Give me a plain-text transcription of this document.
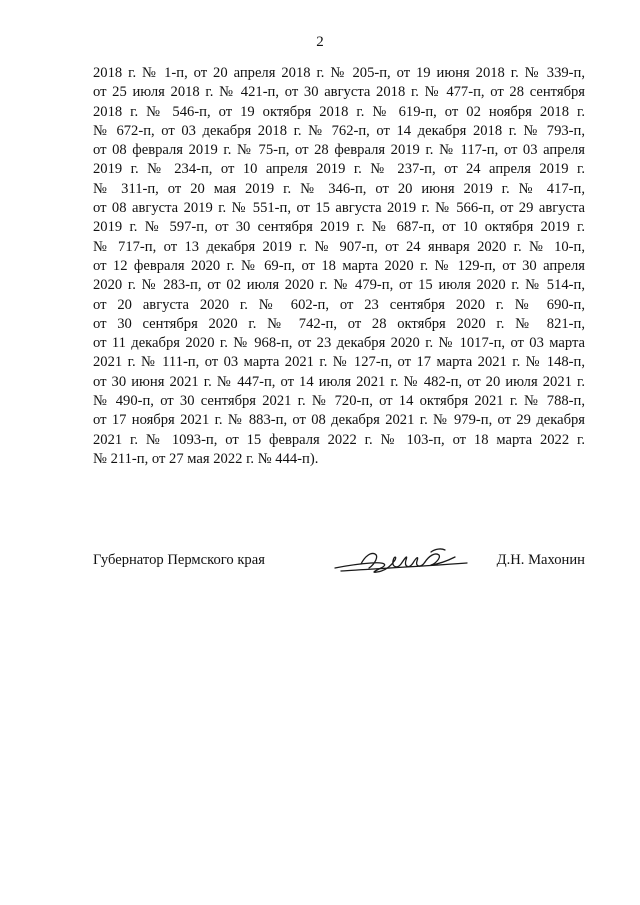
2
2018 г. № 1-п, от 20 апреля 2018 г. № 205-п, от 19 июня 2018 г. № 339-п,
от 25 июля 2018 г. № 421-п, от 30 августа 2018 г. № 477-п, от 28 сентября
2018 г. № 546-п, от 19 октября 2018 г. № 619-п, от 02 ноября 2018 г.
№ 672-п, от 03 декабря 2018 г. № 762-п, от 14 декабря 2018 г. № 793-п,
от 08 февраля 2019 г. № 75-п, от 28 февраля 2019 г. № 117-п, от 03 апреля
2019 г. № 234-п, от 10 апреля 2019 г. № 237-п, от 24 апреля 2019 г.
№ 311-п, от 20 мая 2019 г. № 346-п, от 20 июня 2019 г. № 417-п,
от 08 августа 2019 г. № 551-п, от 15 августа 2019 г. № 566-п, от 29 августа
2019 г. № 597-п, от 30 сентября 2019 г. № 687-п, от 10 октября 2019 г.
№ 717-п, от 13 декабря 2019 г. № 907-п, от 24 января 2020 г. № 10-п,
от 12 февраля 2020 г. № 69-п, от 18 марта 2020 г. № 129-п, от 30 апреля
2020 г. № 283-п, от 02 июля 2020 г. № 479-п, от 15 июля 2020 г. № 514-п,
от 20 августа 2020 г. № 602-п, от 23 сентября 2020 г. № 690-п,
от 30 сентября 2020 г. № 742-п, от 28 октября 2020 г. № 821-п,
от 11 декабря 2020 г. № 968-п, от 23 декабря 2020 г. № 1017-п, от 03 марта
2021 г. № 111-п, от 03 марта 2021 г. № 127-п, от 17 марта 2021 г. № 148-п,
от 30 июня 2021 г. № 447-п, от 14 июля 2021 г. № 482-п, от 20 июля 2021 г.
№ 490-п, от 30 сентября 2021 г. № 720-п, от 14 октября 2021 г. № 788-п,
от 17 ноября 2021 г. № 883-п, от 08 декабря 2021 г. № 979-п, от 29 декабря
2021 г. № 1093-п, от 15 февраля 2022 г. № 103-п, от 18 марта 2022 г.
№ 211-п, от 27 мая 2022 г. № 444-п).
Губернатор Пермского края	Д.Н. Махонин
